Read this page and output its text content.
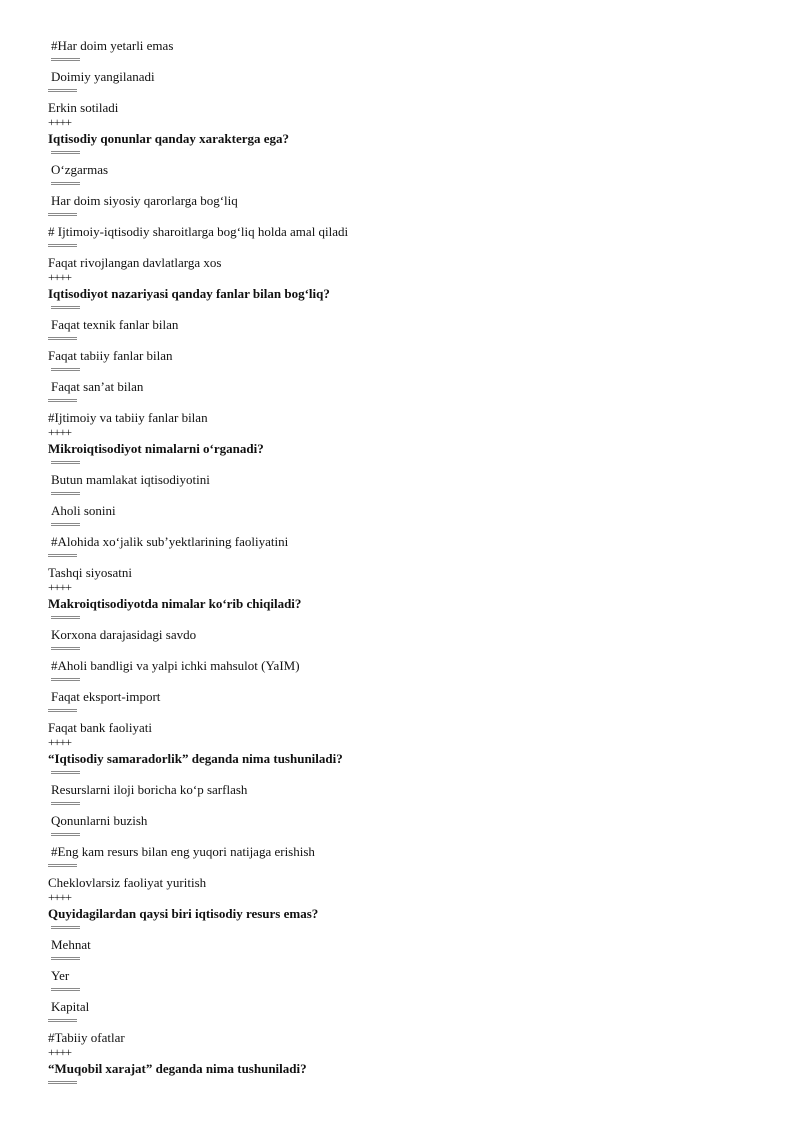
#Har doim yetarli emas
Doimiy yangilanadi
Erkin sotiladi
++++
Iqtisodiy qonunlar qanday xarakterga ega?
O‘zgarmas
Har doim siyosiy qarorlarga bog‘liq
# Ijtimoiy-iqtisodiy sharoitlarga bog‘liq holda amal qiladi
Faqat rivojlangan davlatlarga xos
++++
Iqtisodiyot nazariyasi qanday fanlar bilan bog‘liq?
Faqat texnik fanlar bilan
Faqat tabiiy fanlar bilan
Faqat san’at bilan
#Ijtimoiy va tabiiy fanlar bilan
++++
Mikroiqtisodiyot nimalarni o‘rganadi?
Butun mamlakat iqtisodiyotini
Aholi sonini
#Alohida xo‘jalik sub’yektlarining faoliyatini
Tashqi siyosatni
++++
Makroiqtisodiyotda nimalar ko‘rib chiqiladi?
Korxona darajasidagi savdo
#Aholi bandligi va yalpi ichki mahsulot (YaIM)
Faqat eksport-import
Faqat bank faoliyati
++++
“Iqtisodiy samaradorlik” deganda nima tushuniladi?
Resurslarni iloji boricha ko‘p sarflash
Qonunlarni buzish
#Eng kam resurs bilan eng yuqori natijaga erishish
Cheklovlarsiz faoliyat yuritish
++++
Quyidagilardan qaysi biri iqtisodiy resurs emas?
Mehnat
Yer
Kapital
#Tabiiy ofatlar
++++
“Muqobil xarajat” deganda nima tushuniladi?
